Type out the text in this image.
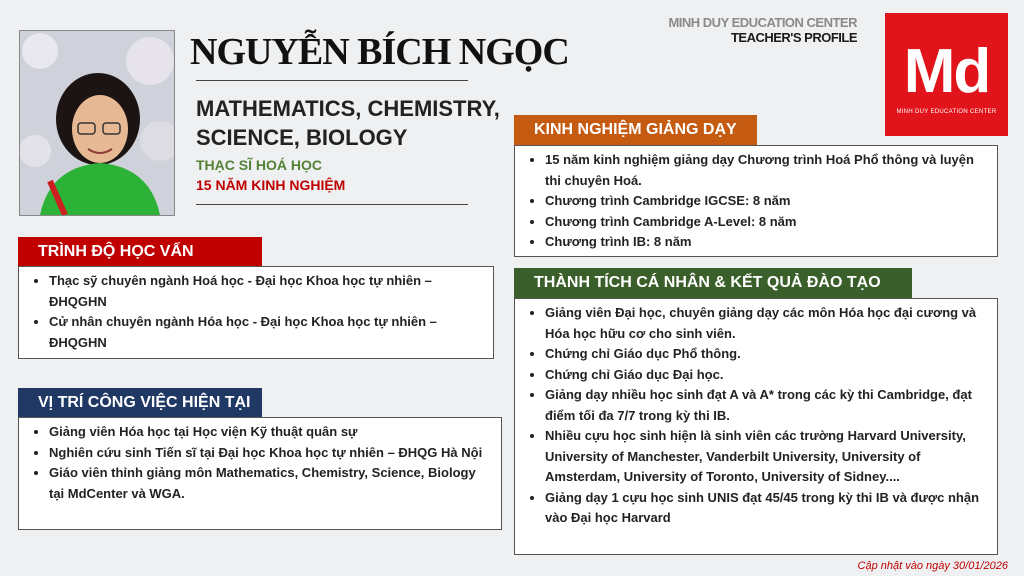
NGUYỄN BÍCH NGỌC
MATHEMATICS, CHEMISTRY, SCIENCE, BIOLOGY
THẠC SĨ HOÁ HỌC
15 NĂM KINH NGHIỆM
MINH DUY EDUCATION CENTER
TEACHER'S PROFILE Md
MINH DUY EDUCATION CENTER
TRÌNH ĐỘ HỌC VẤN
• Thạc sỹ chuyên ngành Hoá học - Đại học Khoa học tự nhiên – ĐHQGHN
• Cử nhân chuyên ngành Hóa học - Đại học Khoa học tự nhiên – ĐHQGHN
VỊ TRÍ CÔNG VIỆC HIỆN TẠI
• Giảng viên Hóa học tại Học viện Kỹ thuật quân sự
• Nghiên cứu sinh Tiến sĩ tại Đại học Khoa học tự nhiên – ĐHQG Hà Nội
• Giáo viên thỉnh giảng môn Mathematics, Chemistry, Science, Biology tại MdCenter và WGA.
KINH NGHIỆM GIẢNG DẠY
• 15 năm kinh nghiệm giảng dạy Chương trình Hoá Phổ thông và luyện thi chuyên Hoá.
• Chương trình Cambridge IGCSE: 8 năm
• Chương trình Cambridge A-Level: 8 năm
• Chương trình IB: 8 năm
THÀNH TÍCH CÁ NHÂN & KẾT QUẢ ĐÀO TẠO
• Giảng viên Đại học, chuyên giảng dạy các môn Hóa học đại cương và Hóa học hữu cơ cho sinh viên.
• Chứng chỉ Giáo dục Phổ thông.
• Chứng chỉ Giáo dục Đại học.
• Giảng dạy nhiều học sinh đạt A và A* trong các kỳ thi Cambridge, đạt điểm tối đa 7/7 trong kỳ thi IB.
• Nhiều cựu học sinh hiện là sinh viên các trường Harvard University, University of Manchester, Vanderbilt University, University of Amsterdam, University of Toronto, University of Sidney....
• Giảng dạy 1 cựu học sinh UNIS đạt 45/45 trong kỳ thi IB và được nhận vào Đại học Harvard
Cập nhật vào ngày 30/01/2026
